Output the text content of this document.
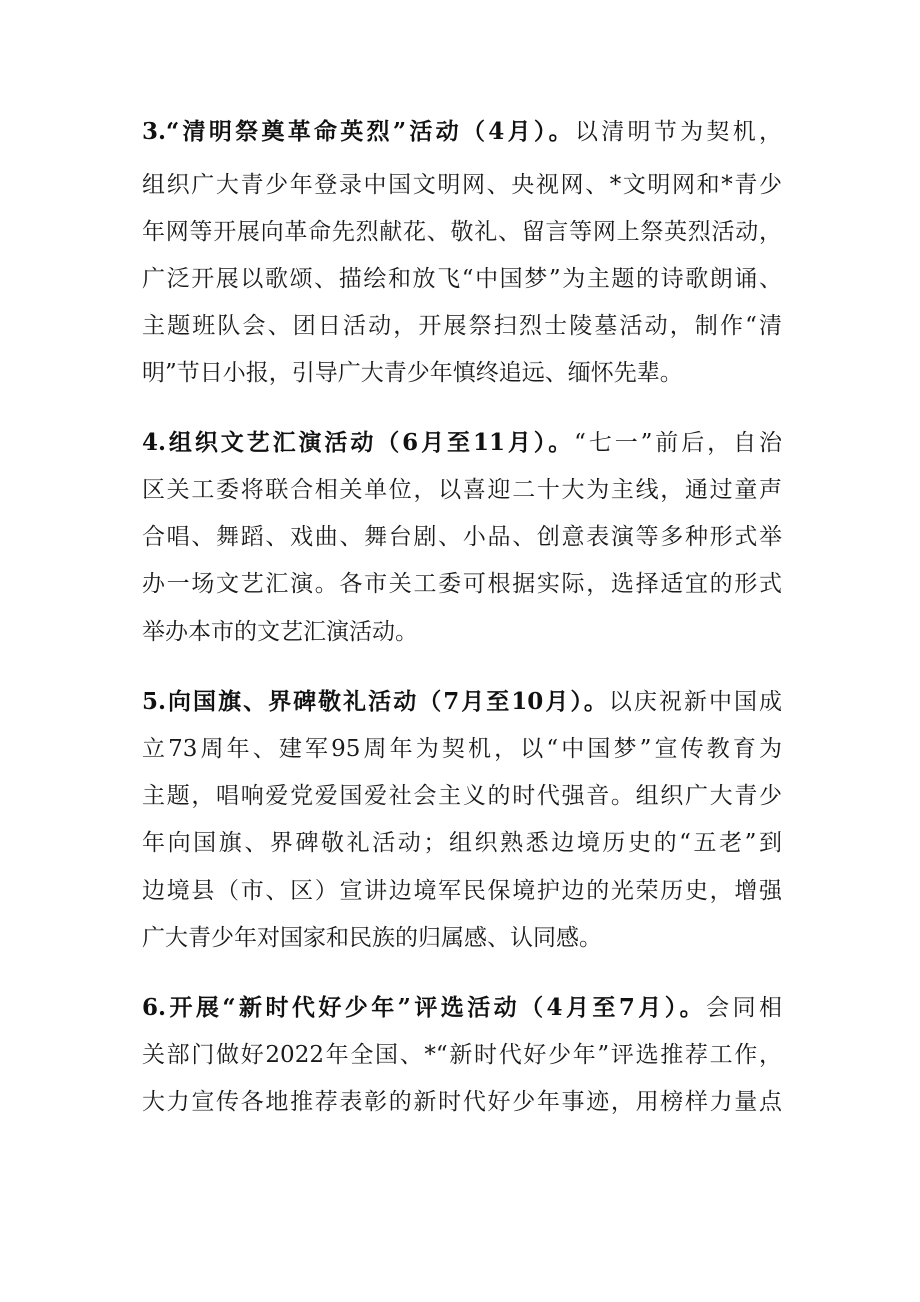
3.“清明祭奠革命英烈”活动（4月）。以清明节为契机，
组织广大青少年登录中国文明网、央视网、*文明网和*青少
年网等开展向革命先烈献花、敬礼、留言等网上祭英烈活动，
广泛开展以歌颂、描绘和放飞“中国梦”为主题的诗歌朗诵、
主题班队会、团日活动，开展祭扫烈士陵墓活动，制作“清
明”节日小报，引导广大青少年慎终追远、缅怀先辈。
4.组织文艺汇演活动（6月至11月）。“七一”前后，自治
区关工委将联合相关单位，以喜迎二十大为主线，通过童声
合唱、舞蹈、戏曲、舞台剧、小品、创意表演等多种形式举
办一场文艺汇演。各市关工委可根据实际，选择适宜的形式
举办本市的文艺汇演活动。
5.向国旗、界碑敬礼活动（7月至10月）。以庆祝新中国成
立73周年、建军95周年为契机，以“中国梦”宣传教育为
主题，唱响爱党爱国爱社会主义的时代强音。组织广大青少
年向国旗、界碑敬礼活动；组织熟悉边境历史的“五老”到
边境县（市、区）宣讲边境军民保境护边的光荣历史，增强
广大青少年对国家和民族的归属感、认同感。
6.开展“新时代好少年”评选活动（4月至7月）。会同相
关部门做好2022年全国、*“新时代好少年”评选推荐工作，
大力宣传各地推荐表彰的新时代好少年事迹，用榜样力量点
